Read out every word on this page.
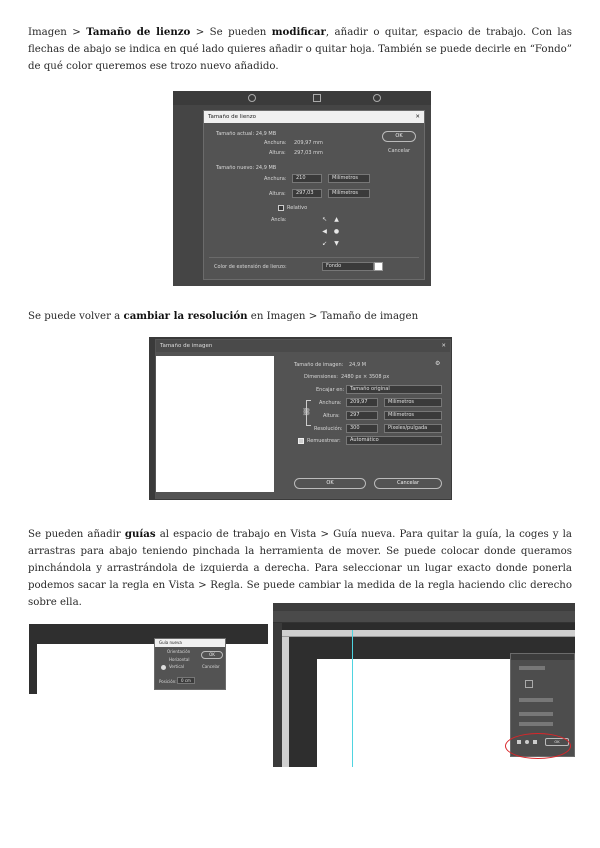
Imagen > Tamaño de lienzo > Se pueden modificar, añadir o quitar, espacio de trabajo. Con las flechas de abajo se indica en qué lado quieres añadir o quitar hoja. También se puede decirle en “Fondo” de qué color queremos ese trozo nuevo añadido.
Tamaño de lienzo	✕
Tamaño actual: 24,9 MB
Anchura: 209,97 mm
Altura: 297,03 mm
Tamaño nuevo: 24,9 MB
Anchura:	210	Milímetros
Altura:	297,03	Milímetros
Relativo
Ancla:	↖	▲
◀	●
↙	▼
Color de extensión de lienzo:	Fondo
OK
Cancelar
Se puede volver a cambiar la resolución en Imagen > Tamaño de imagen
Tamaño de imagen	✕
Tamaño de imagen: 24,9 M	⚙
Dimensiones: 2480 px × 3508 px
Encajar en:	Tamaño original
⛓
Anchura:	209,97	Milímetros
Altura:	297	Milímetros
Resolución:	300	Píxeles/pulgada
Remuestrear:	Automático
OK	Cancelar
Se pueden añadir guías al espacio de trabajo en Vista > Guía nueva. Para quitar la guía, la coges y la arrastras para abajo teniendo pinchada la herramienta de mover. Se puede colocar donde queramos pinchándola y arrastrándola de izquierda a derecha. Para seleccionar un lugar exacto donde ponerla podemos sacar la regla en Vista > Regla. Se puede cambiar la medida de la regla haciendo clic derecho sobre ella.
Guía nueva
Orientación
Horizontal
Vertical
Posición:	0 cm
OK
Cancelar
OK
